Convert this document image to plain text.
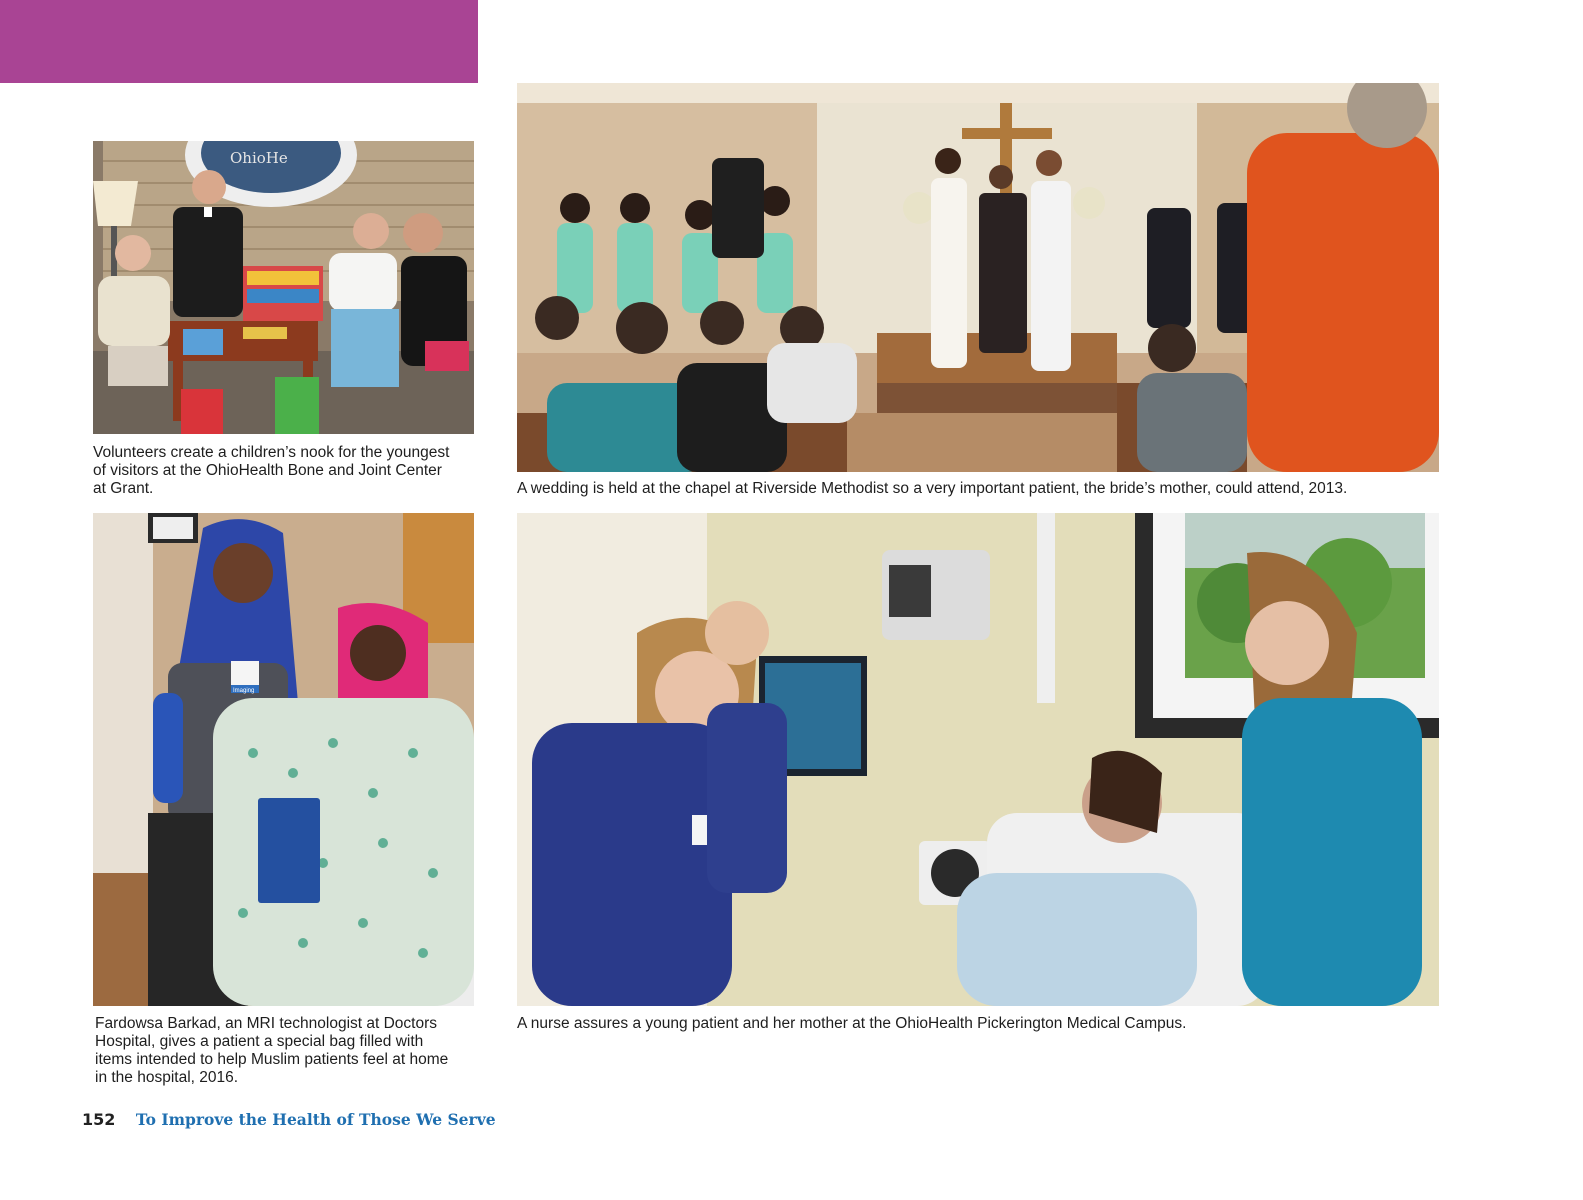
OhioHe
Volunteers create a children’s nook for the youngest
of visitors at the OhioHealth Bone and Joint Center
at Grant.	A wedding is held at the chapel at Riverside Methodist so a very important patient, the bride’s mother, could attend, 2013.
Imaging
Fardowsa Barkad, an MRI technologist at Doctors
Hospital, gives a patient a special bag filled with
items intended to help Muslim patients feel at home
in the hospital, 2016.
A nurse assures a young patient and her mother at the OhioHealth Pickerington Medical Campus.
152 To Improve the Health of Those We Serve
